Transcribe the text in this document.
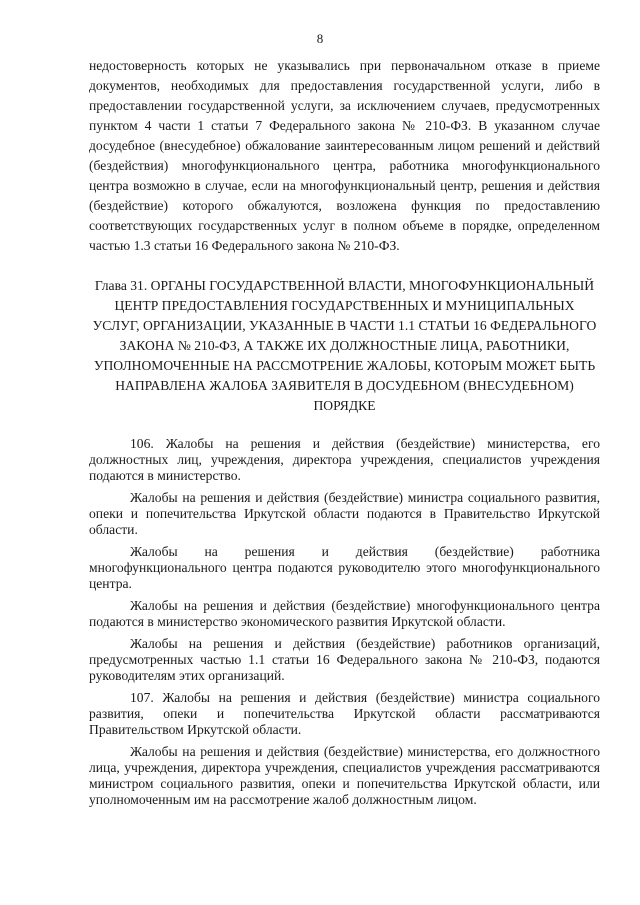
8

недостоверность которых не указывались при первоначальном отказе в приеме документов, необходимых для предоставления государственной услуги, либо в предоставлении государственной услуги, за исключением случаев, предусмотренных пунктом 4 части 1 статьи 7 Федерального закона № 210-ФЗ. В указанном случае досудебное (внесудебное) обжалование заинтересованным лицом решений и действий (бездействия) многофункционального центра, работника многофункционального центра возможно в случае, если на многофункциональный центр, решения и действия (бездействие) которого обжалуются, возложена функция по предоставлению соответствующих государственных услуг в полном объеме в порядке, определенном частью 1.3 статьи 16 Федерального закона № 210-ФЗ.

Глава 31. ОРГАНЫ ГОСУДАРСТВЕННОЙ ВЛАСТИ, МНОГОФУНКЦИОНАЛЬНЫЙ ЦЕНТР ПРЕДОСТАВЛЕНИЯ ГОСУДАРСТВЕННЫХ И МУНИЦИПАЛЬНЫХ УСЛУГ, ОРГАНИЗАЦИИ, УКАЗАННЫЕ В ЧАСТИ 1.1 СТАТЬИ 16 ФЕДЕРАЛЬНОГО ЗАКОНА № 210-ФЗ, А ТАКЖЕ ИХ ДОЛЖНОСТНЫЕ ЛИЦА, РАБОТНИКИ, УПОЛНОМОЧЕННЫЕ НА РАССМОТРЕНИЕ ЖАЛОБЫ, КОТОРЫМ МОЖЕТ БЫТЬ НАПРАВЛЕНА ЖАЛОБА ЗАЯВИТЕЛЯ В ДОСУДЕБНОМ (ВНЕСУДЕБНОМ) ПОРЯДКЕ

106. Жалобы на решения и действия (бездействие) министерства, его должностных лиц, учреждения, директора учреждения, специалистов учреждения подаются в министерство.

Жалобы на решения и действия (бездействие) министра социального развития, опеки и попечительства Иркутской области подаются в Правительство Иркутской области.

Жалобы на решения и действия (бездействие) работника многофункционального центра подаются руководителю этого многофункционального центра.

Жалобы на решения и действия (бездействие) многофункционального центра подаются в министерство экономического развития Иркутской области.

Жалобы на решения и действия (бездействие) работников организаций, предусмотренных частью 1.1 статьи 16 Федерального закона № 210-ФЗ, подаются руководителям этих организаций.

107. Жалобы на решения и действия (бездействие) министра социального развития, опеки и попечительства Иркутской области рассматриваются Правительством Иркутской области.

Жалобы на решения и действия (бездействие) министерства, его должностного лица, учреждения, директора учреждения, специалистов учреждения рассматриваются министром социального развития, опеки и попечительства Иркутской области, или уполномоченным им на рассмотрение жалоб должностным лицом.
